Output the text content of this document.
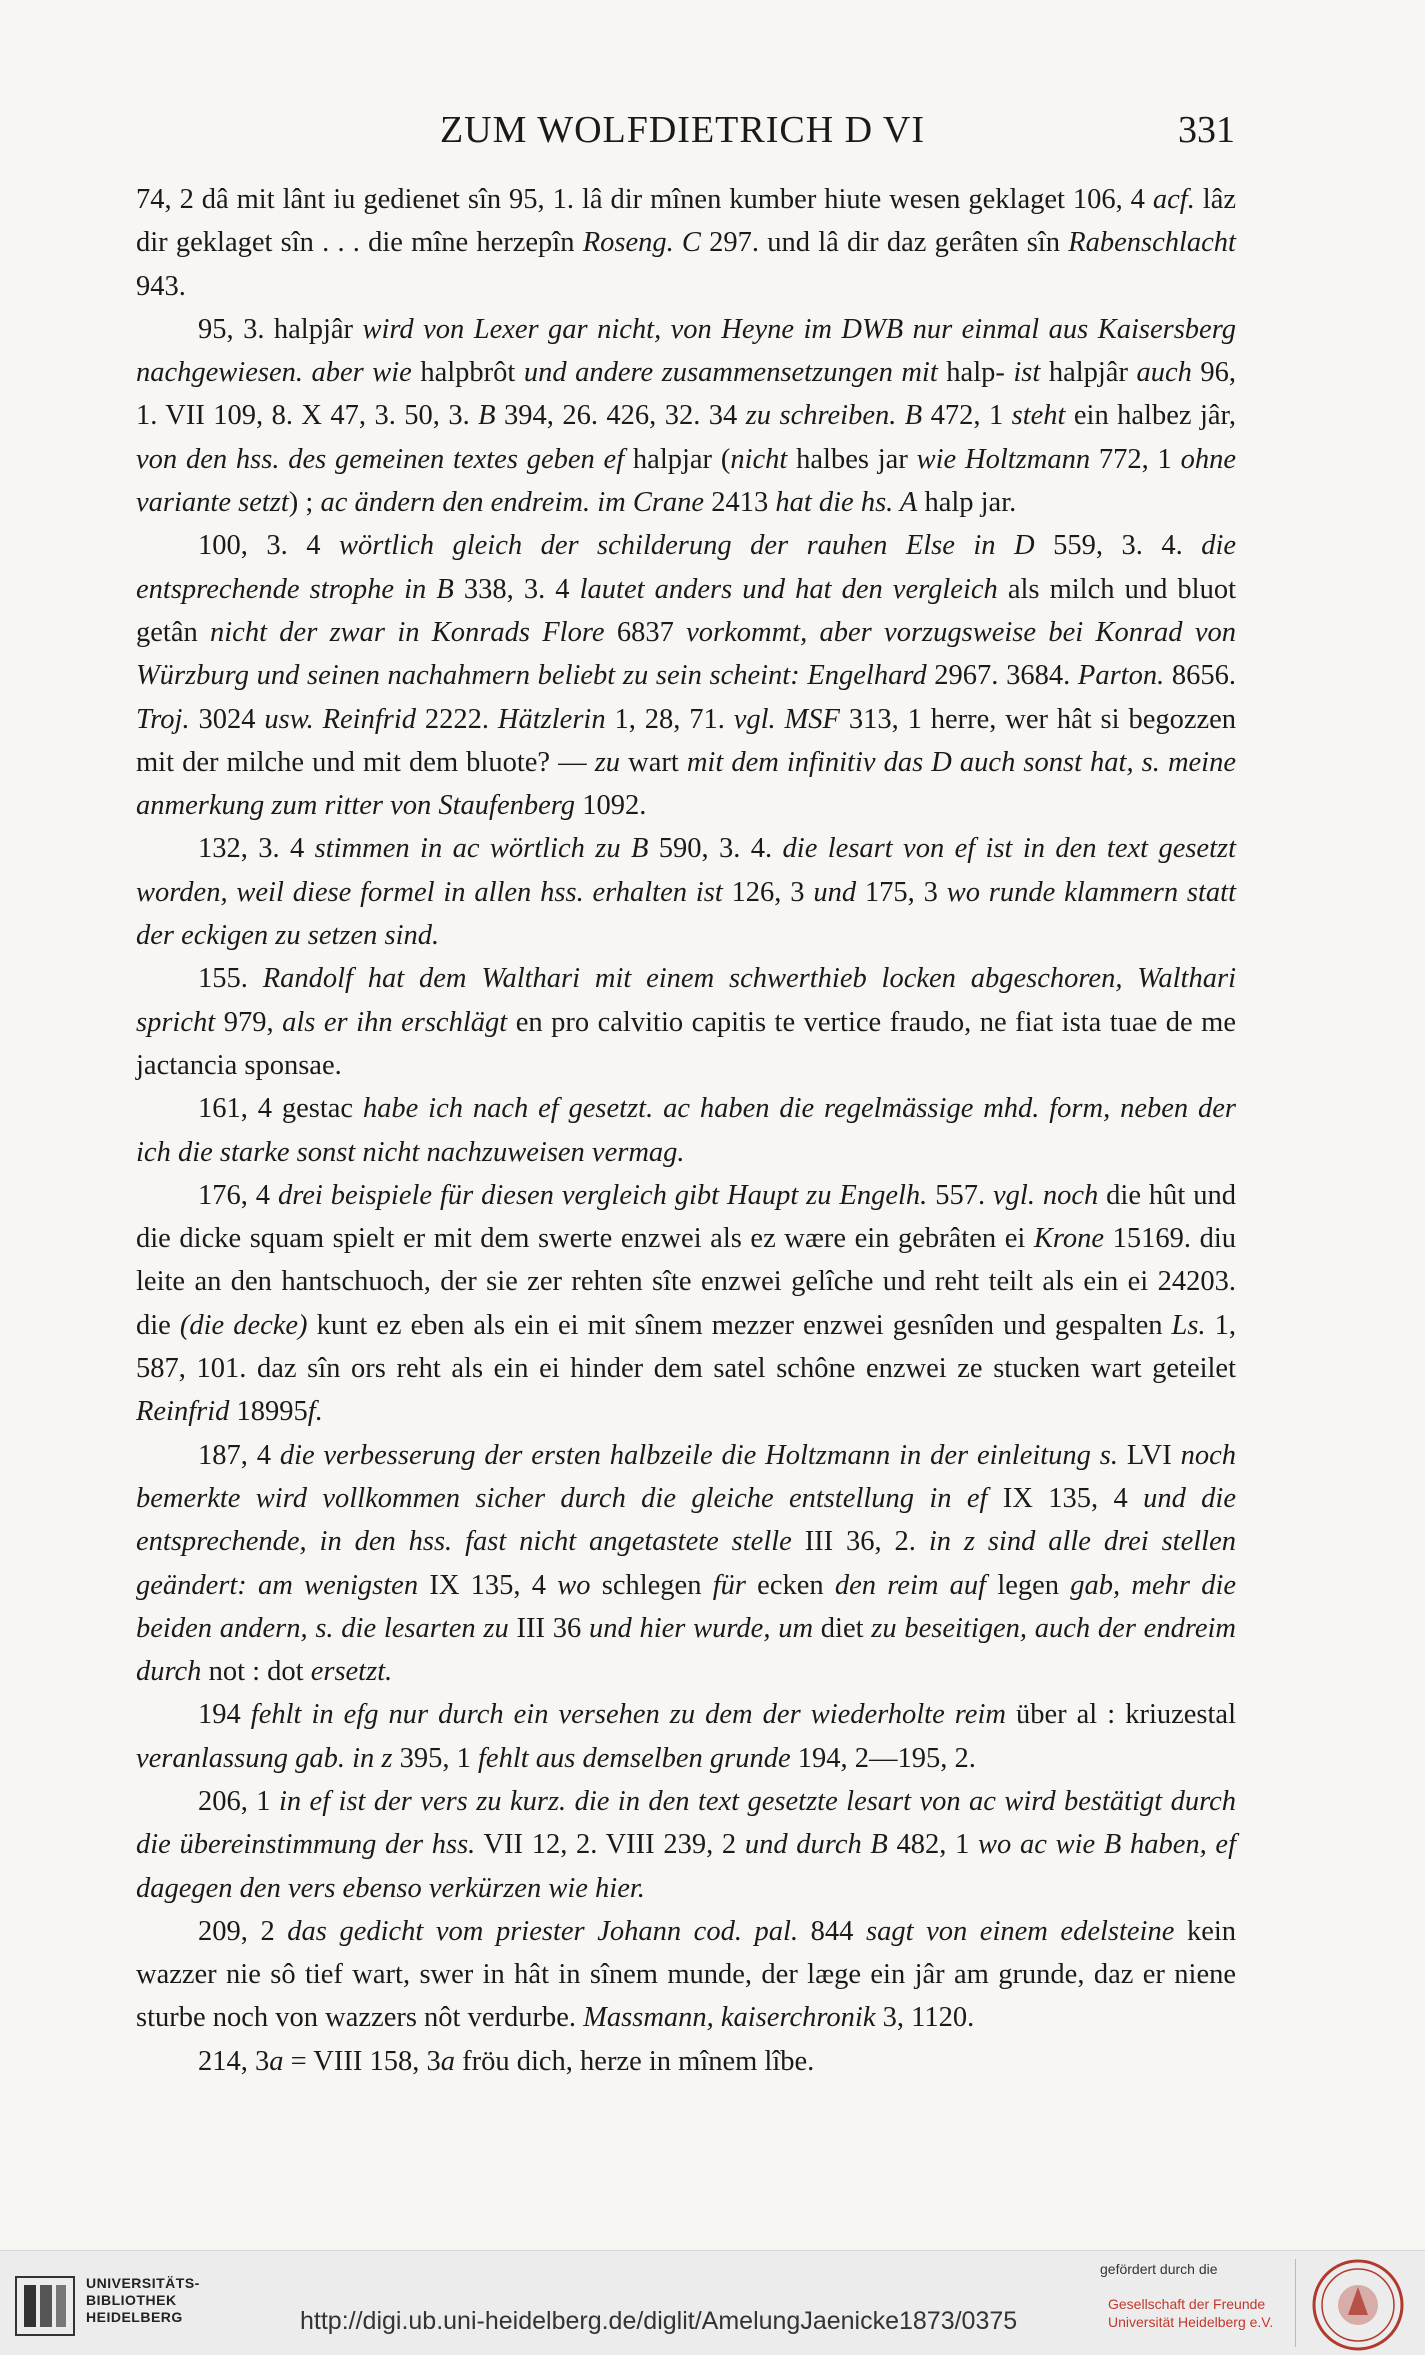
ZUM WOLFDIETRICH D VI	331

74, 2 dâ mit lânt iu gedienet sîn 95, 1. lâ dir mînen kumber hiute wesen geklaget 106, 4 acf. lâz dir geklaget sîn . . . die mîne herzepîn Roseng. C 297. und lâ dir daz gerâten sîn Rabenschlacht 943.

95, 3. halpjâr wird von Lexer gar nicht, von Heyne im DWB nur einmal aus Kaisersberg nachgewiesen. aber wie halpbrôt und andere zusammensetzungen mit halp- ist halpjâr auch 96, 1. VII 109, 8. X 47, 3. 50, 3. B 394, 26. 426, 32. 34 zu schreiben. B 472, 1 steht ein halbez jâr, von den hss. des gemeinen textes geben ef halpjar (nicht halbes jar wie Holtzmann 772, 1 ohne variante setzt) ; ac ändern den endreim. im Crane 2413 hat die hs. A halp jar.

100, 3. 4 wörtlich gleich der schilderung der rauhen Else in D 559, 3. 4. die entsprechende strophe in B 338, 3. 4 lautet anders und hat den vergleich als milch und bluot getân nicht der zwar in Konrads Flore 6837 vorkommt, aber vorzugsweise bei Konrad von Würzburg und seinen nachahmern beliebt zu sein scheint: Engelhard 2967. 3684. Parton. 8656. Troj. 3024 usw. Reinfrid 2222. Hätzlerin 1, 28, 71. vgl. MSF 313, 1 herre, wer hât si begozzen mit der milche und mit dem bluote? — zu wart mit dem infinitiv das D auch sonst hat, s. meine anmerkung zum ritter von Staufenberg 1092.

132, 3. 4 stimmen in ac wörtlich zu B 590, 3. 4. die lesart von ef ist in den text gesetzt worden, weil diese formel in allen hss. erhalten ist 126, 3 und 175, 3 wo runde klammern statt der eckigen zu setzen sind.

155. Randolf hat dem Walthari mit einem schwerthieb locken abgeschoren, Walthari spricht 979, als er ihn erschlägt en pro calvitio capitis te vertice fraudo, ne fiat ista tuae de me jactancia sponsae.

161, 4 gestac habe ich nach ef gesetzt. ac haben die regelmässige mhd. form, neben der ich die starke sonst nicht nachzuweisen vermag.

176, 4 drei beispiele für diesen vergleich gibt Haupt zu Engelh. 557. vgl. noch die hût und die dicke squam spielt er mit dem swerte enzwei als ez wære ein gebrâten ei Krone 15169. diu leite an den hantschuoch, der sie zer rehten sîte enzwei gelîche und reht teilt als ein ei 24203. die (die decke) kunt ez eben als ein ei mit sînem mezzer enzwei gesnîden und gespalten Ls. 1, 587, 101. daz sîn ors reht als ein ei hinder dem satel schône enzwei ze stucken wart geteilet Reinfrid 18995f.

187, 4 die verbesserung der ersten halbzeile die Holtzmann in der einleitung s. LVI noch bemerkte wird vollkommen sicher durch die gleiche entstellung in ef IX 135, 4 und die entsprechende, in den hss. fast nicht angetastete stelle III 36, 2. in z sind alle drei stellen geändert: am wenigsten IX 135, 4 wo schlegen für ecken den reim auf legen gab, mehr die beiden andern, s. die lesarten zu III 36 und hier wurde, um diet zu beseitigen, auch der endreim durch not : dot ersetzt.

194 fehlt in efg nur durch ein versehen zu dem der wiederholte reim über al : kriuzestal veranlassung gab. in z 395, 1 fehlt aus demselben grunde 194, 2—195, 2.

206, 1 in ef ist der vers zu kurz. die in den text gesetzte lesart von ac wird bestätigt durch die übereinstimmung der hss. VII 12, 2. VIII 239, 2 und durch B 482, 1 wo ac wie B haben, ef dagegen den vers ebenso verkürzen wie hier.

209, 2 das gedicht vom priester Johann cod. pal. 844 sagt von einem edelsteine kein wazzer nie sô tief wart, swer in hât in sînem munde, der læge ein jâr am grunde, daz er niene sturbe noch von wazzers nôt verdurbe. Massmann, kaiserchronik 3, 1120.

214, 3a = VIII 158, 3a fröu dich, herze in mînem lîbe.

UNIVERSITÄTS-
BIBLIOTHEK
HEIDELBERG	http://digi.ub.uni-heidelberg.de/diglit/AmelungJaenicke1873/0375
gefördert durch die
Gesellschaft der Freunde
Universität Heidelberg e.V.
